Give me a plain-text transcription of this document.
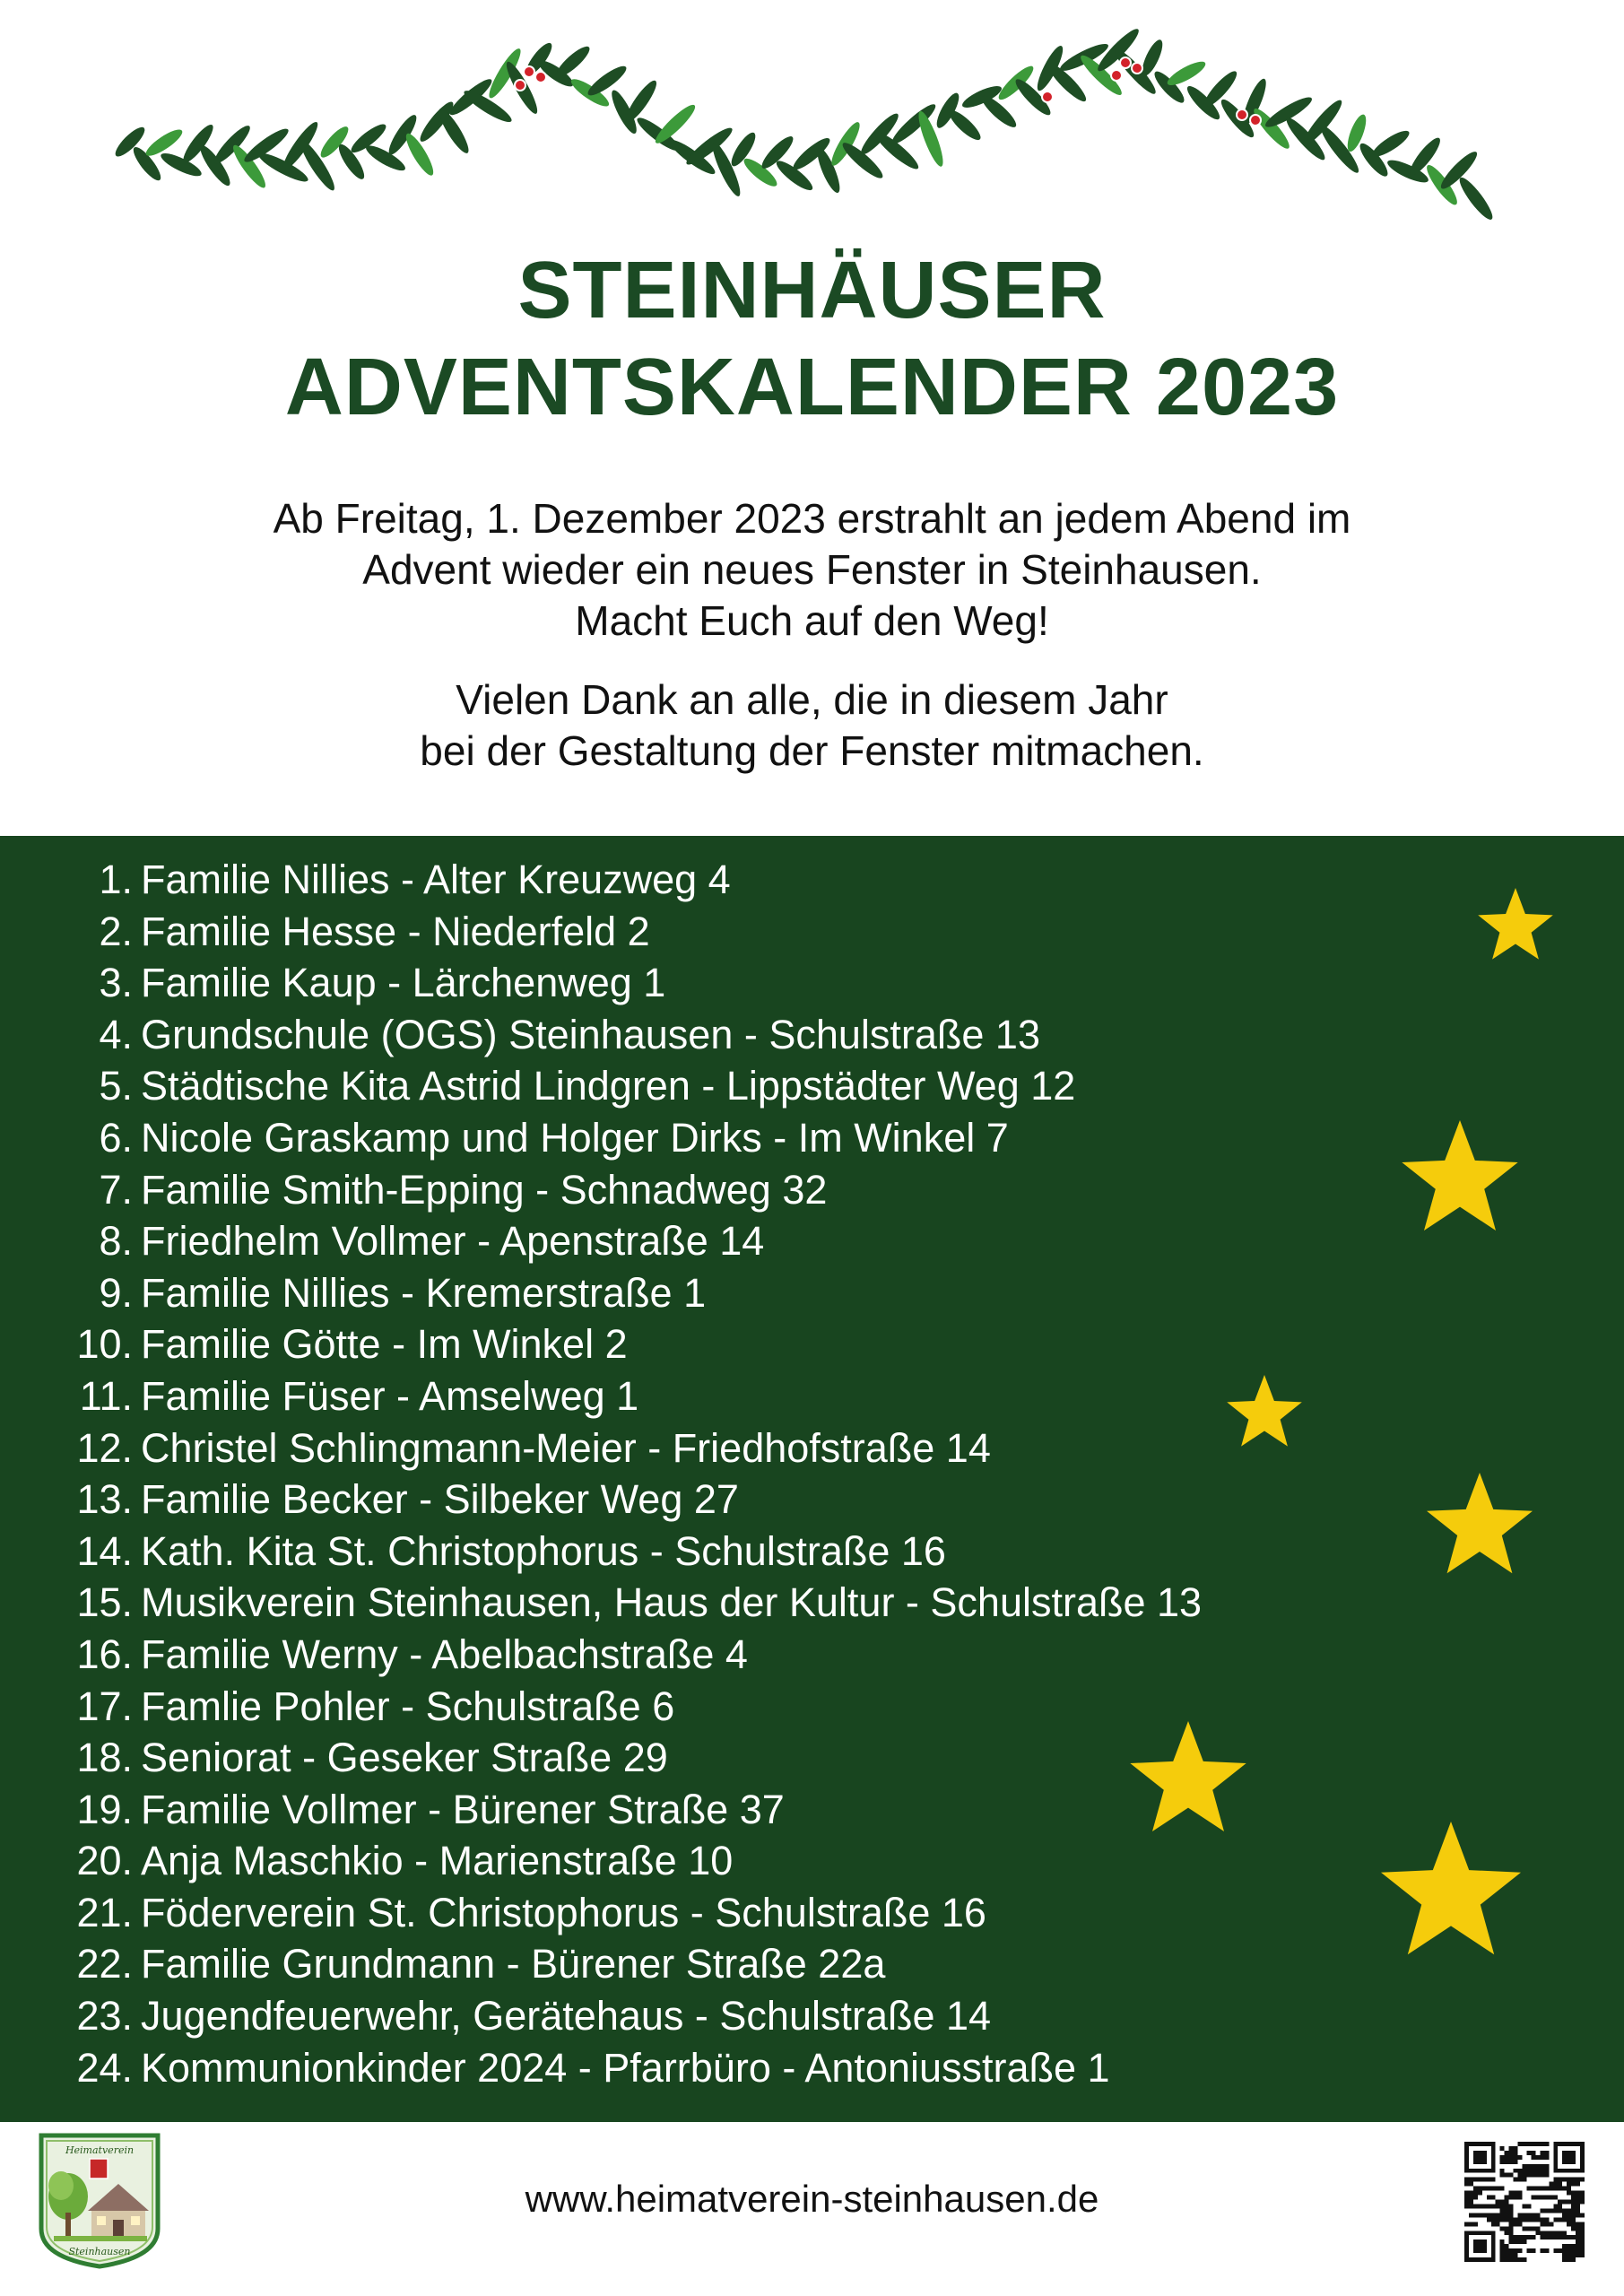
STEINHÄUSER
ADVENTSKALENDER 2023
Ab Freitag, 1. Dezember 2023 erstrahlt an jedem Abend im
Advent wieder ein neues Fenster in Steinhausen.
Macht Euch auf den Weg!
Vielen Dank an alle, die in diesem Jahr
bei der Gestaltung der Fenster mitmachen.
1. Familie Nillies - Alter Kreuzweg 4
2. Familie Hesse - Niederfeld 2
3. Familie Kaup - Lärchenweg 1
4. Grundschule (OGS) Steinhausen - Schulstraße 13
5. Städtische Kita Astrid Lindgren - Lippstädter Weg 12
6. Nicole Graskamp und Holger Dirks - Im Winkel 7
7. Familie Smith-Epping - Schnadweg 32
8. Friedhelm Vollmer - Apenstraße 14
9. Familie Nillies - Kremerstraße 1
10. Familie Götte - Im Winkel 2
11. Familie Füser - Amselweg 1
12. Christel Schlingmann-Meier - Friedhofstraße 14
13. Familie Becker - Silbeker Weg 27
14. Kath. Kita St. Christophorus - Schulstraße 16
15. Musikverein Steinhausen, Haus der Kultur - Schulstraße 13
16. Familie Werny - Abelbachstraße 4
17. Famlie Pohler - Schulstraße 6
18. Seniorat - Geseker Straße 29
19. Familie Vollmer - Bürener Straße 37
20. Anja Maschkio - Marienstraße 10
21. Föderverein St. Christophorus - Schulstraße 16
22. Familie Grundmann - Bürener Straße 22a
23. Jugendfeuerwehr, Gerätehaus - Schulstraße 14
24. Kommunionkinder 2024 - Pfarrbüro - Antoniusstraße 1
Heimatverein
Steinhausen
www.heimatverein-steinhausen.de
